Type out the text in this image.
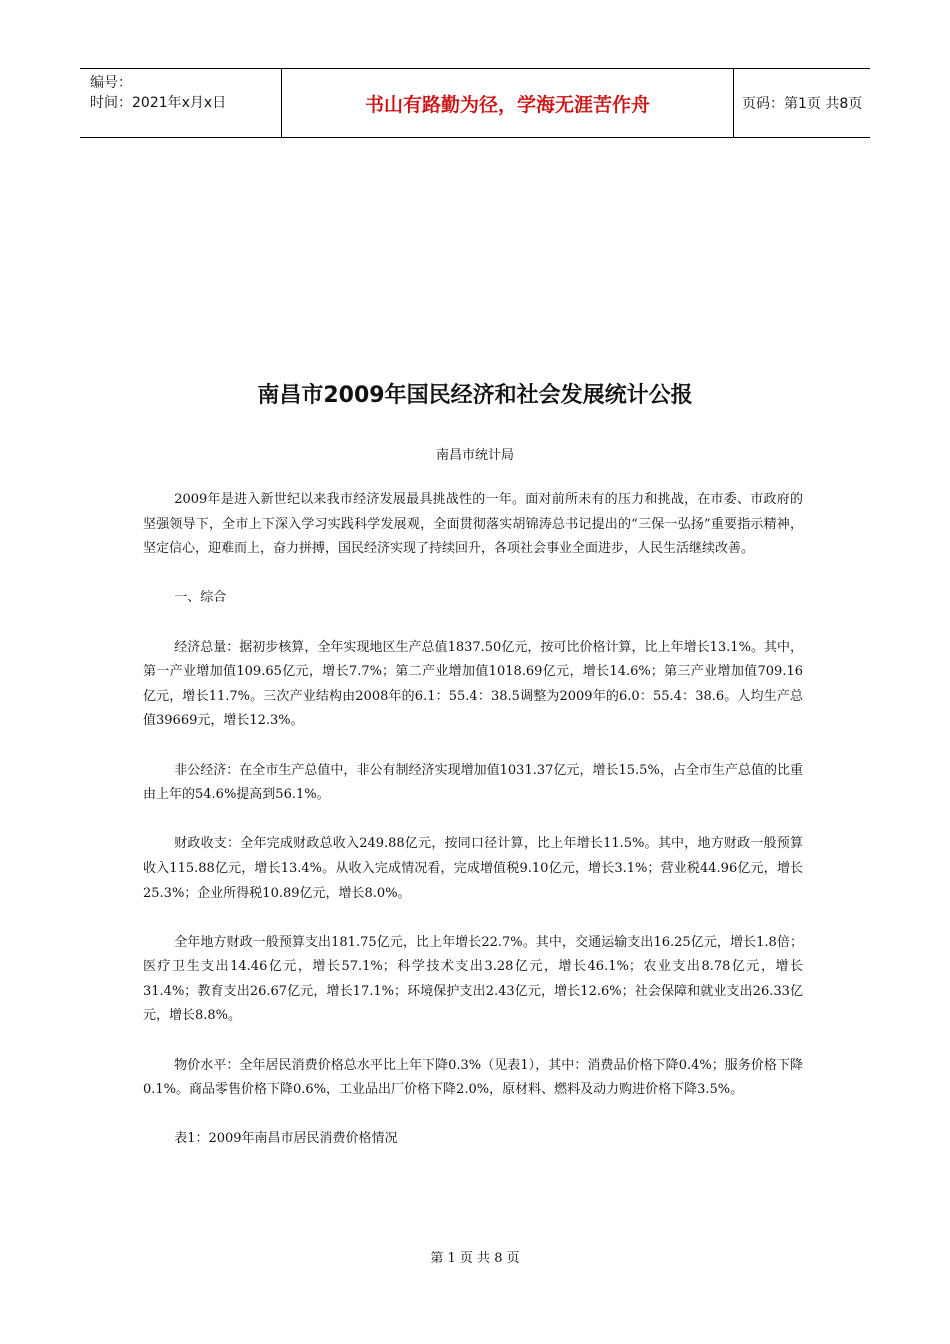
编号：
时间：2021年x月x日	书山有路勤为径，学海无涯苦作舟	页码：第1页 共8页
南昌市2009年国民经济和社会发展统计公报
南昌市统计局

2009年是进入新世纪以来我市经济发展最具挑战性的一年。面对前所未有的压力和挑战，在市委、市政府的坚强领导下，全市上下深入学习实践科学发展观，全面贯彻落实胡锦涛总书记提出的“三保一弘扬”重要指示精神，坚定信心，迎难而上，奋力拼搏，国民经济实现了持续回升，各项社会事业全面进步，人民生活继续改善。

一、综合

经济总量：据初步核算，全年实现地区生产总值1837.50亿元，按可比价格计算，比上年增长13.1%。其中，第一产业增加值109.65亿元，增长7.7%；第二产业增加值1018.69亿元，增长14.6%；第三产业增加值709.16亿元，增长11.7%。三次产业结构由2008年的6.1：55.4：38.5调整为2009年的6.0：55.4：38.6。人均生产总值39669元，增长12.3%。

非公经济：在全市生产总值中，非公有制经济实现增加值1031.37亿元，增长15.5%，占全市生产总值的比重由上年的54.6%提高到56.1%。

财政收支：全年完成财政总收入249.88亿元，按同口径计算，比上年增长11.5%。其中，地方财政一般预算收入115.88亿元，增长13.4%。从收入完成情况看，完成增值税9.10亿元，增长3.1%；营业税44.96亿元，增长25.3%；企业所得税10.89亿元，增长8.0%。

全年地方财政一般预算支出181.75亿元，比上年增长22.7%。其中，交通运输支出16.25亿元，增长1.8倍；医疗卫生支出14.46亿元，增长57.1%；科学技术支出3.28亿元，增长46.1%；农业支出8.78亿元，增长31.4%；教育支出26.67亿元，增长17.1%；环境保护支出2.43亿元，增长12.6%；社会保障和就业支出26.33亿元，增长8.8%。

物价水平：全年居民消费价格总水平比上年下降0.3%（见表1），其中：消费品价格下降0.4%；服务价格下降0.1%。商品零售价格下降0.6%，工业品出厂价格下降2.0%，原材料、燃料及动力购进价格下降3.5%。

表1：2009年南昌市居民消费价格情况

第 1 页 共 8 页
